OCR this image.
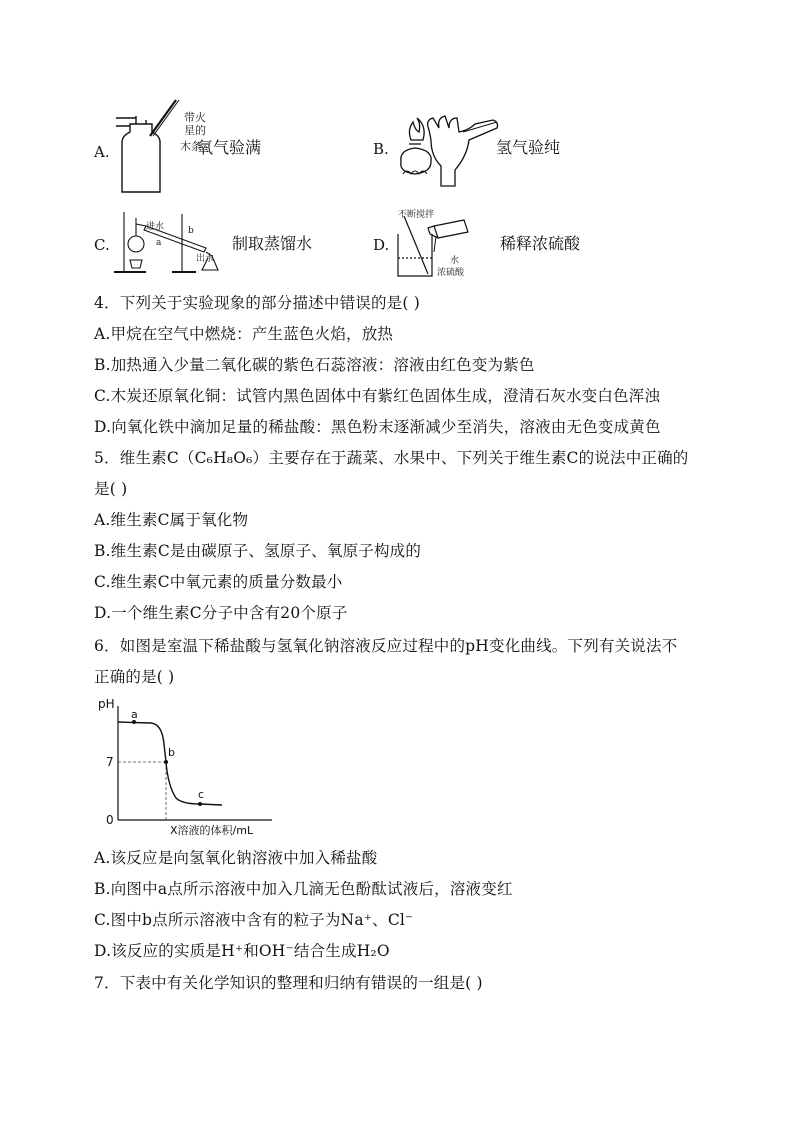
A.
带火
星的
木条
氧气验满	B.	氢气验纯
C.
进水
出水
a
b
制取蒸馏水	D.
不断搅拌
水
浓硫酸
稀释浓硫酸
4．下列关于实验现象的部分描述中错误的是( )
A.甲烷在空气中燃烧：产生蓝色火焰，放热
B.加热通入少量二氧化碳的紫色石蕊溶液：溶液由红色变为紫色
C.木炭还原氧化铜：试管内黑色固体中有紫红色固体生成，澄清石灰水变白色浑浊
D.向氧化铁中滴加足量的稀盐酸：黑色粉末逐渐减少至消失，溶液由无色变成黄色
5．维生素C（C₆H₈O₆）主要存在于蔬菜、水果中、下列关于维生素C的说法中正确的
是( )
A.维生素C属于氧化物
B.维生素C是由碳原子、氢原子、氧原子构成的
C.维生素C中氧元素的质量分数最小
D.一个维生素C分子中含有20个原子
6．如图是室温下稀盐酸与氢氧化钠溶液反应过程中的pH变化曲线。下列有关说法不
正确的是( )
pH
7
0
a
b
c
X溶液的体积/mL
A.该反应是向氢氧化钠溶液中加入稀盐酸
B.向图中a点所示溶液中加入几滴无色酚酞试液后，溶液变红
C.图中b点所示溶液中含有的粒子为Na⁺、Cl⁻
D.该反应的实质是H⁺和OH⁻结合生成H₂O
7．下表中有关化学知识的整理和归纳有错误的一组是( )
